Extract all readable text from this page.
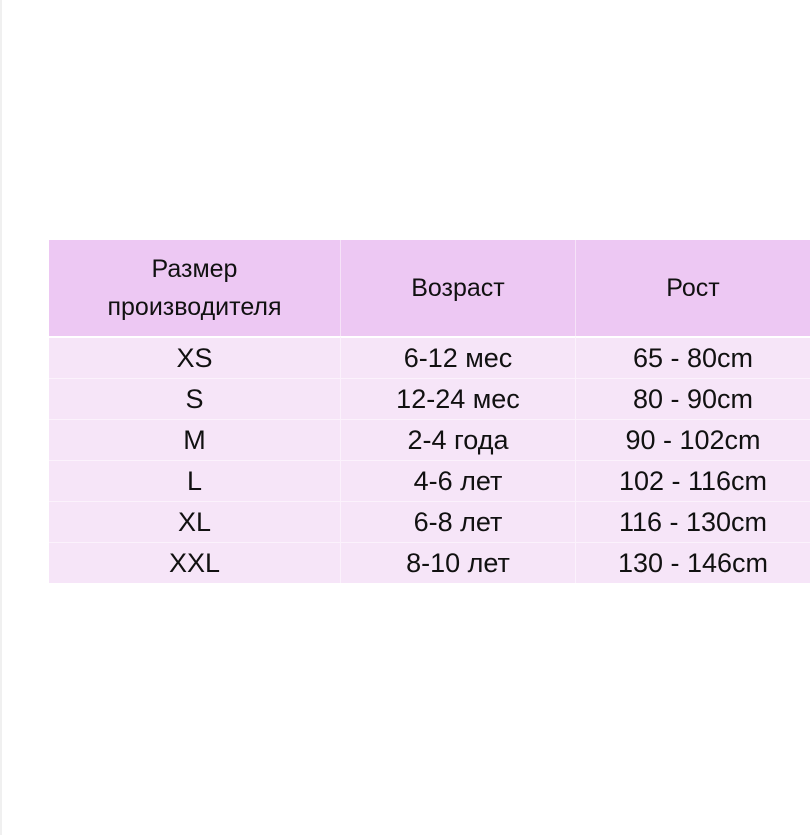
Размер
производителя	Возраст	Рост
XS	6-12 мес	65 - 80cm
S	12-24 мес	80 - 90cm
M	2-4 года	90 - 102cm
L	4-6 лет	102 - 116cm
XL	6-8 лет	116 - 130cm
XXL	8-10 лет	130 - 146cm
